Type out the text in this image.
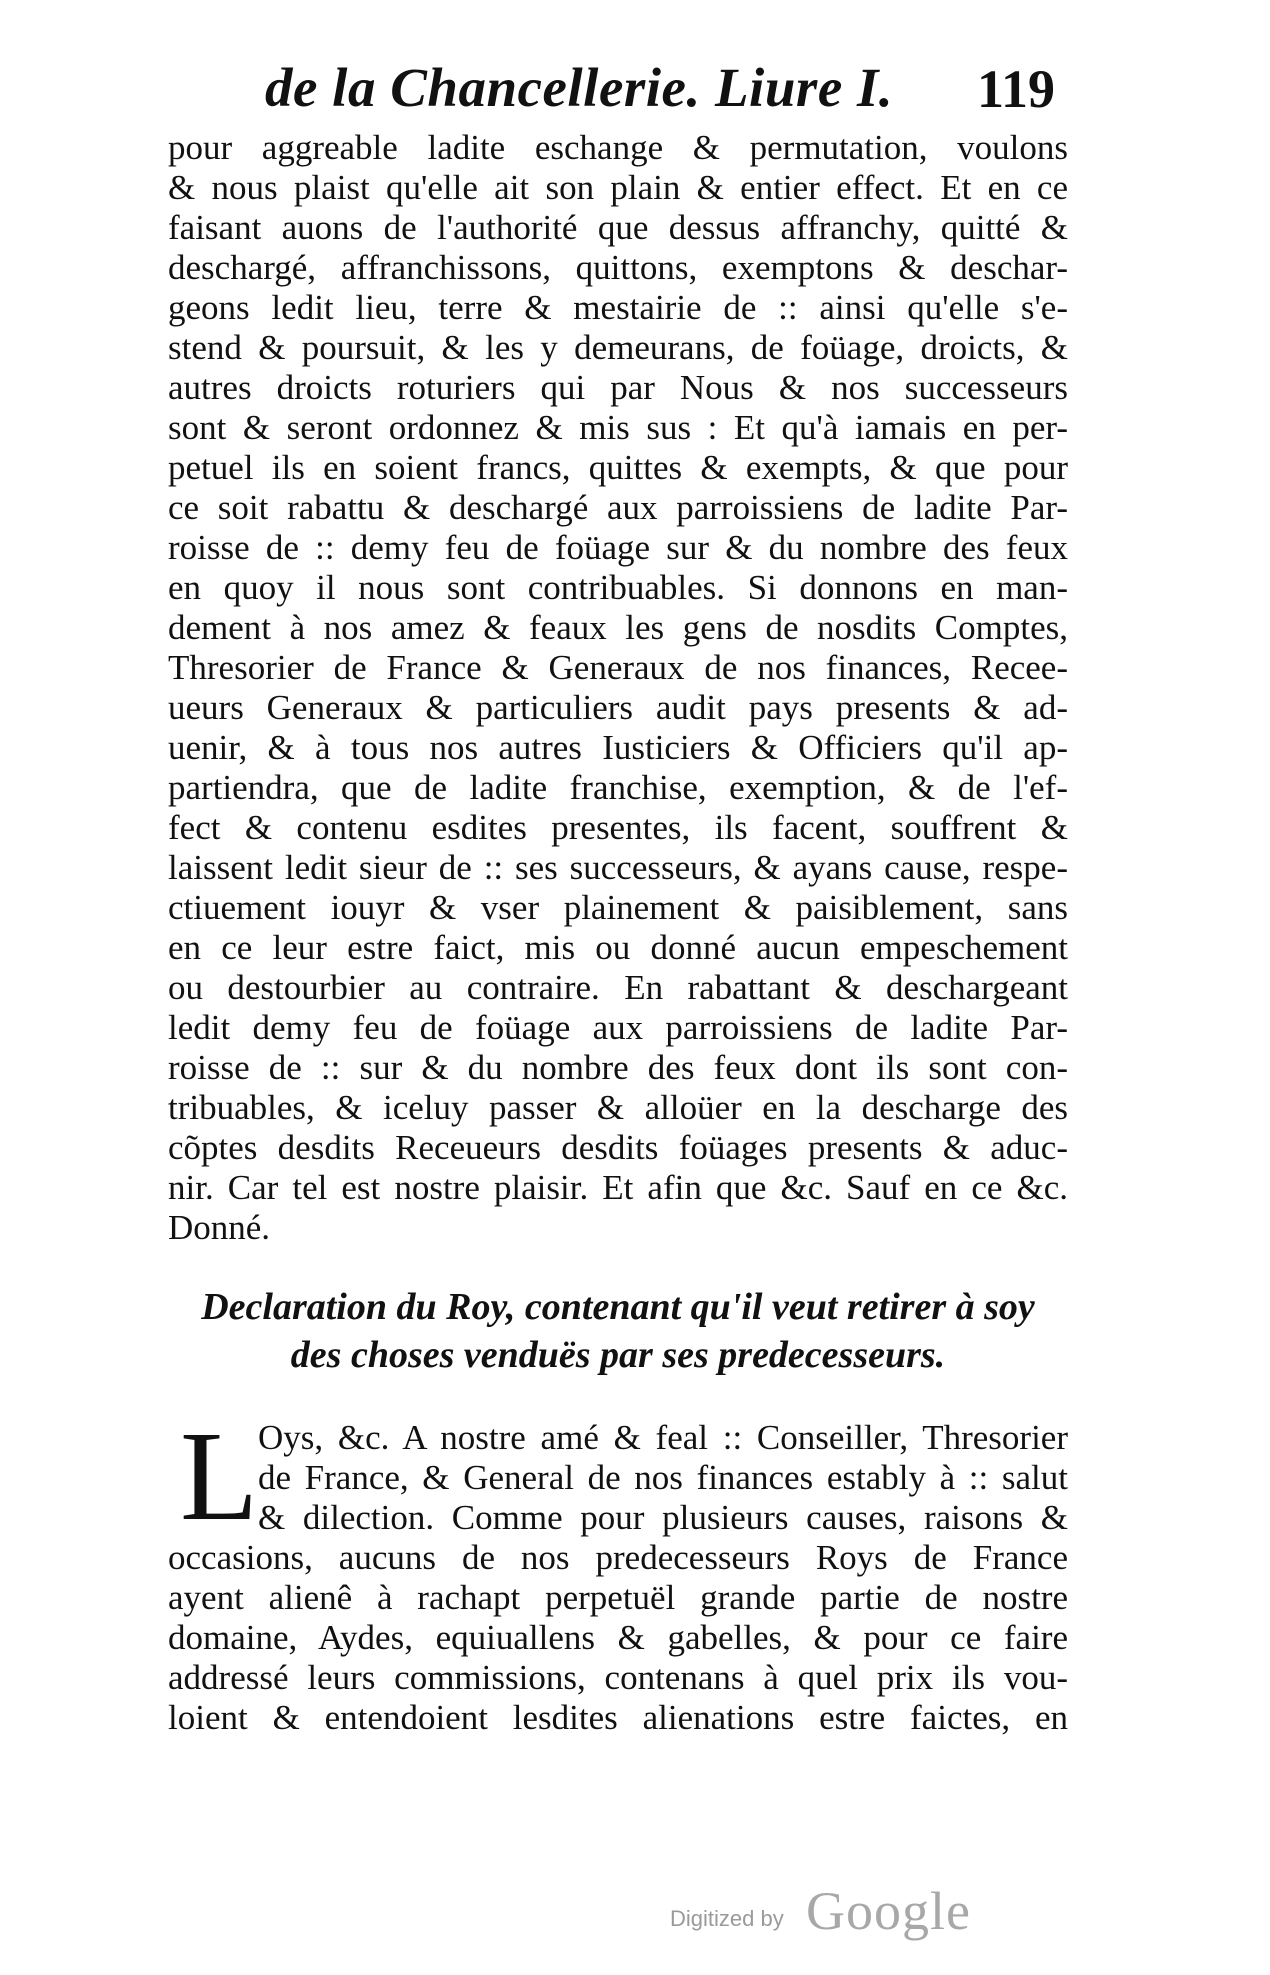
de la Chancellerie. Liure I. 119
pour aggreable ladite eschange & permutation, voulons
& nous plaist qu'elle ait son plain & entier effect. Et en ce
faisant auons de l'authorité que dessus affranchy, quitté &
deschargé, affranchissons, quittons, exemptons & deschar-
geons ledit lieu, terre & mestairie de :: ainsi qu'elle s'e-
stend & poursuit, & les y demeurans, de foüage, droicts, &
autres droicts roturiers qui par Nous & nos successeurs
sont & seront ordonnez & mis sus : Et qu'à iamais en per-
petuel ils en soient francs, quittes & exempts, & que pour
ce soit rabattu & deschargé aux parroissiens de ladite Par-
roisse de :: demy feu de foüage sur & du nombre des feux
en quoy il nous sont contribuables. Si donnons en man-
dement à nos amez & feaux les gens de nosdits Comptes,
Thresorier de France & Generaux de nos finances, Recee-
ueurs Generaux & particuliers audit pays presents & ad-
uenir, & à tous nos autres Iusticiers & Officiers qu'il ap-
partiendra, que de ladite franchise, exemption, & de l'ef-
fect & contenu esdites presentes, ils facent, souffrent &
laissent ledit sieur de :: ses successeurs, & ayans cause, respe-
ctiuement iouyr & vser plainement & paisiblement, sans
en ce leur estre faict, mis ou donné aucun empeschement
ou destourbier au contraire. En rabattant & deschargeant
ledit demy feu de foüage aux parroissiens de ladite Par-
roisse de :: sur & du nombre des feux dont ils sont con-
tribuables, & iceluy passer & alloüer en la descharge des
cõptes desdits Receueurs desdits foüages presents & aduc-
nir. Car tel est nostre plaisir. Et afin que &c. Sauf en ce &c.
Donné.
Declaration du Roy, contenant qu'il veut retirer à soy
des choses venduës par ses predecesseurs.
L Oys, &c. A nostre amé & feal :: Conseiller, Thresorier
de France, & General de nos finances estably à :: salut
& dilection. Comme pour plusieurs causes, raisons &
occasions, aucuns de nos predecesseurs Roys de France
ayent alienê à rachapt perpetuël grande partie de nostre
domaine, Aydes, equiuallens & gabelles, & pour ce faire
addressé leurs commissions, contenans à quel prix ils vou-
loient & entendoient lesdites alienations estre faictes, en
Digitized by Google
